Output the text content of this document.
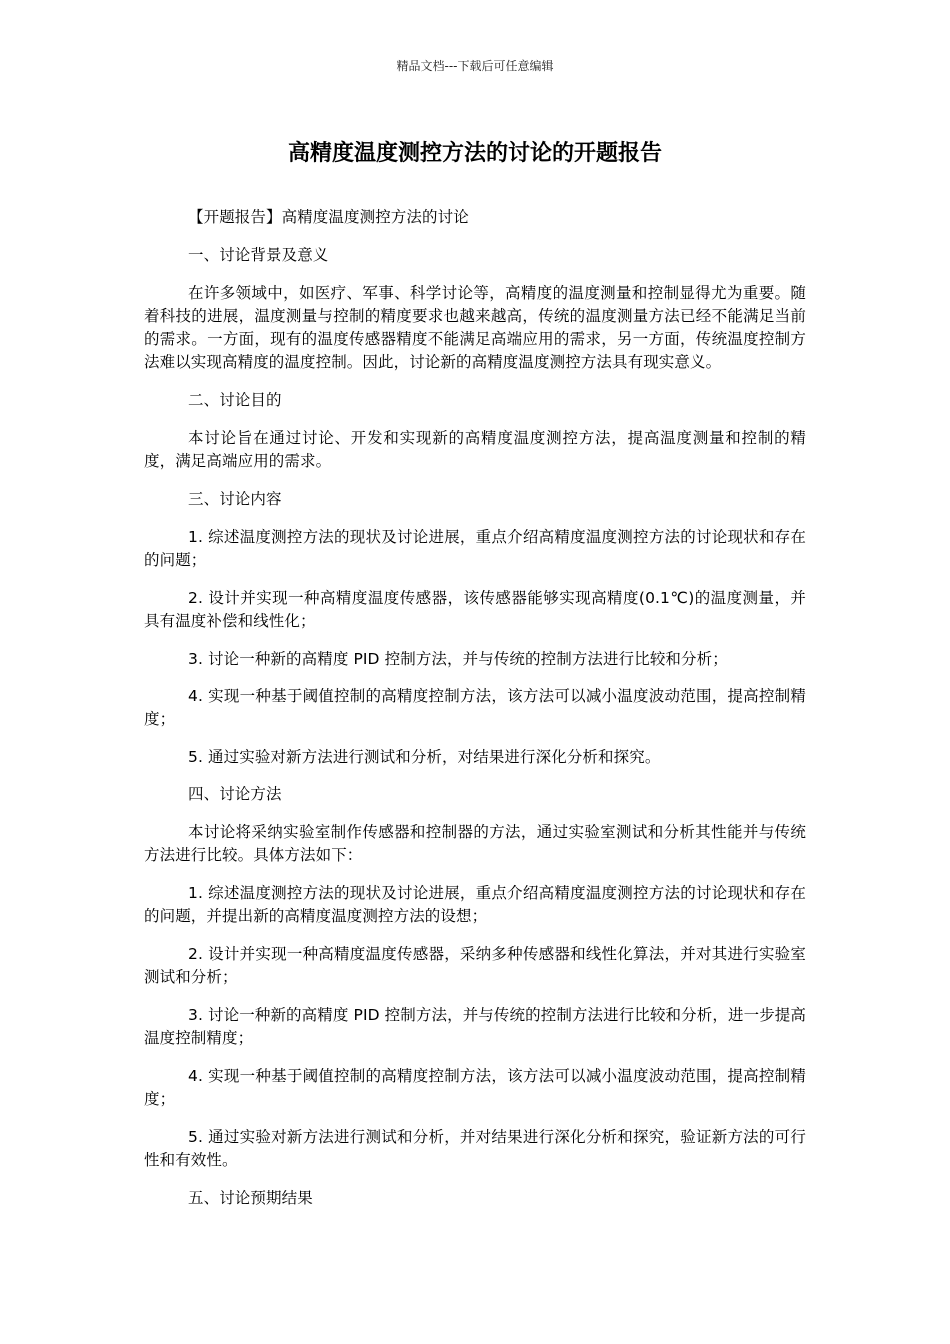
精品文档---下载后可任意编辑
高精度温度测控方法的讨论的开题报告

【开题报告】高精度温度测控方法的讨论

一、讨论背景及意义

在许多领域中，如医疗、军事、科学讨论等，高精度的温度测量和控制显得尤为重要。随着科技的进展，温度测量与控制的精度要求也越来越高，传统的温度测量方法已经不能满足当前的需求。一方面，现有的温度传感器精度不能满足高端应用的需求，另一方面，传统温度控制方法难以实现高精度的温度控制。因此，讨论新的高精度温度测控方法具有现实意义。

二、讨论目的

本讨论旨在通过讨论、开发和实现新的高精度温度测控方法，提高温度测量和控制的精度，满足高端应用的需求。

三、讨论内容

1. 综述温度测控方法的现状及讨论进展，重点介绍高精度温度测控方法的讨论现状和存在的问题；

2. 设计并实现一种高精度温度传感器，该传感器能够实现高精度(0.1℃)的温度测量，并具有温度补偿和线性化；

3. 讨论一种新的高精度 PID 控制方法，并与传统的控制方法进行比较和分析；

4. 实现一种基于阈值控制的高精度控制方法，该方法可以减小温度波动范围，提高控制精度；

5. 通过实验对新方法进行测试和分析，对结果进行深化分析和探究。

四、讨论方法

本讨论将采纳实验室制作传感器和控制器的方法，通过实验室测试和分析其性能并与传统方法进行比较。具体方法如下：

1. 综述温度测控方法的现状及讨论进展，重点介绍高精度温度测控方法的讨论现状和存在的问题，并提出新的高精度温度测控方法的设想；

2. 设计并实现一种高精度温度传感器，采纳多种传感器和线性化算法，并对其进行实验室测试和分析；

3. 讨论一种新的高精度 PID 控制方法，并与传统的控制方法进行比较和分析，进一步提高温度控制精度；

4. 实现一种基于阈值控制的高精度控制方法，该方法可以减小温度波动范围，提高控制精度；

5. 通过实验对新方法进行测试和分析，并对结果进行深化分析和探究，验证新方法的可行性和有效性。

五、讨论预期结果
